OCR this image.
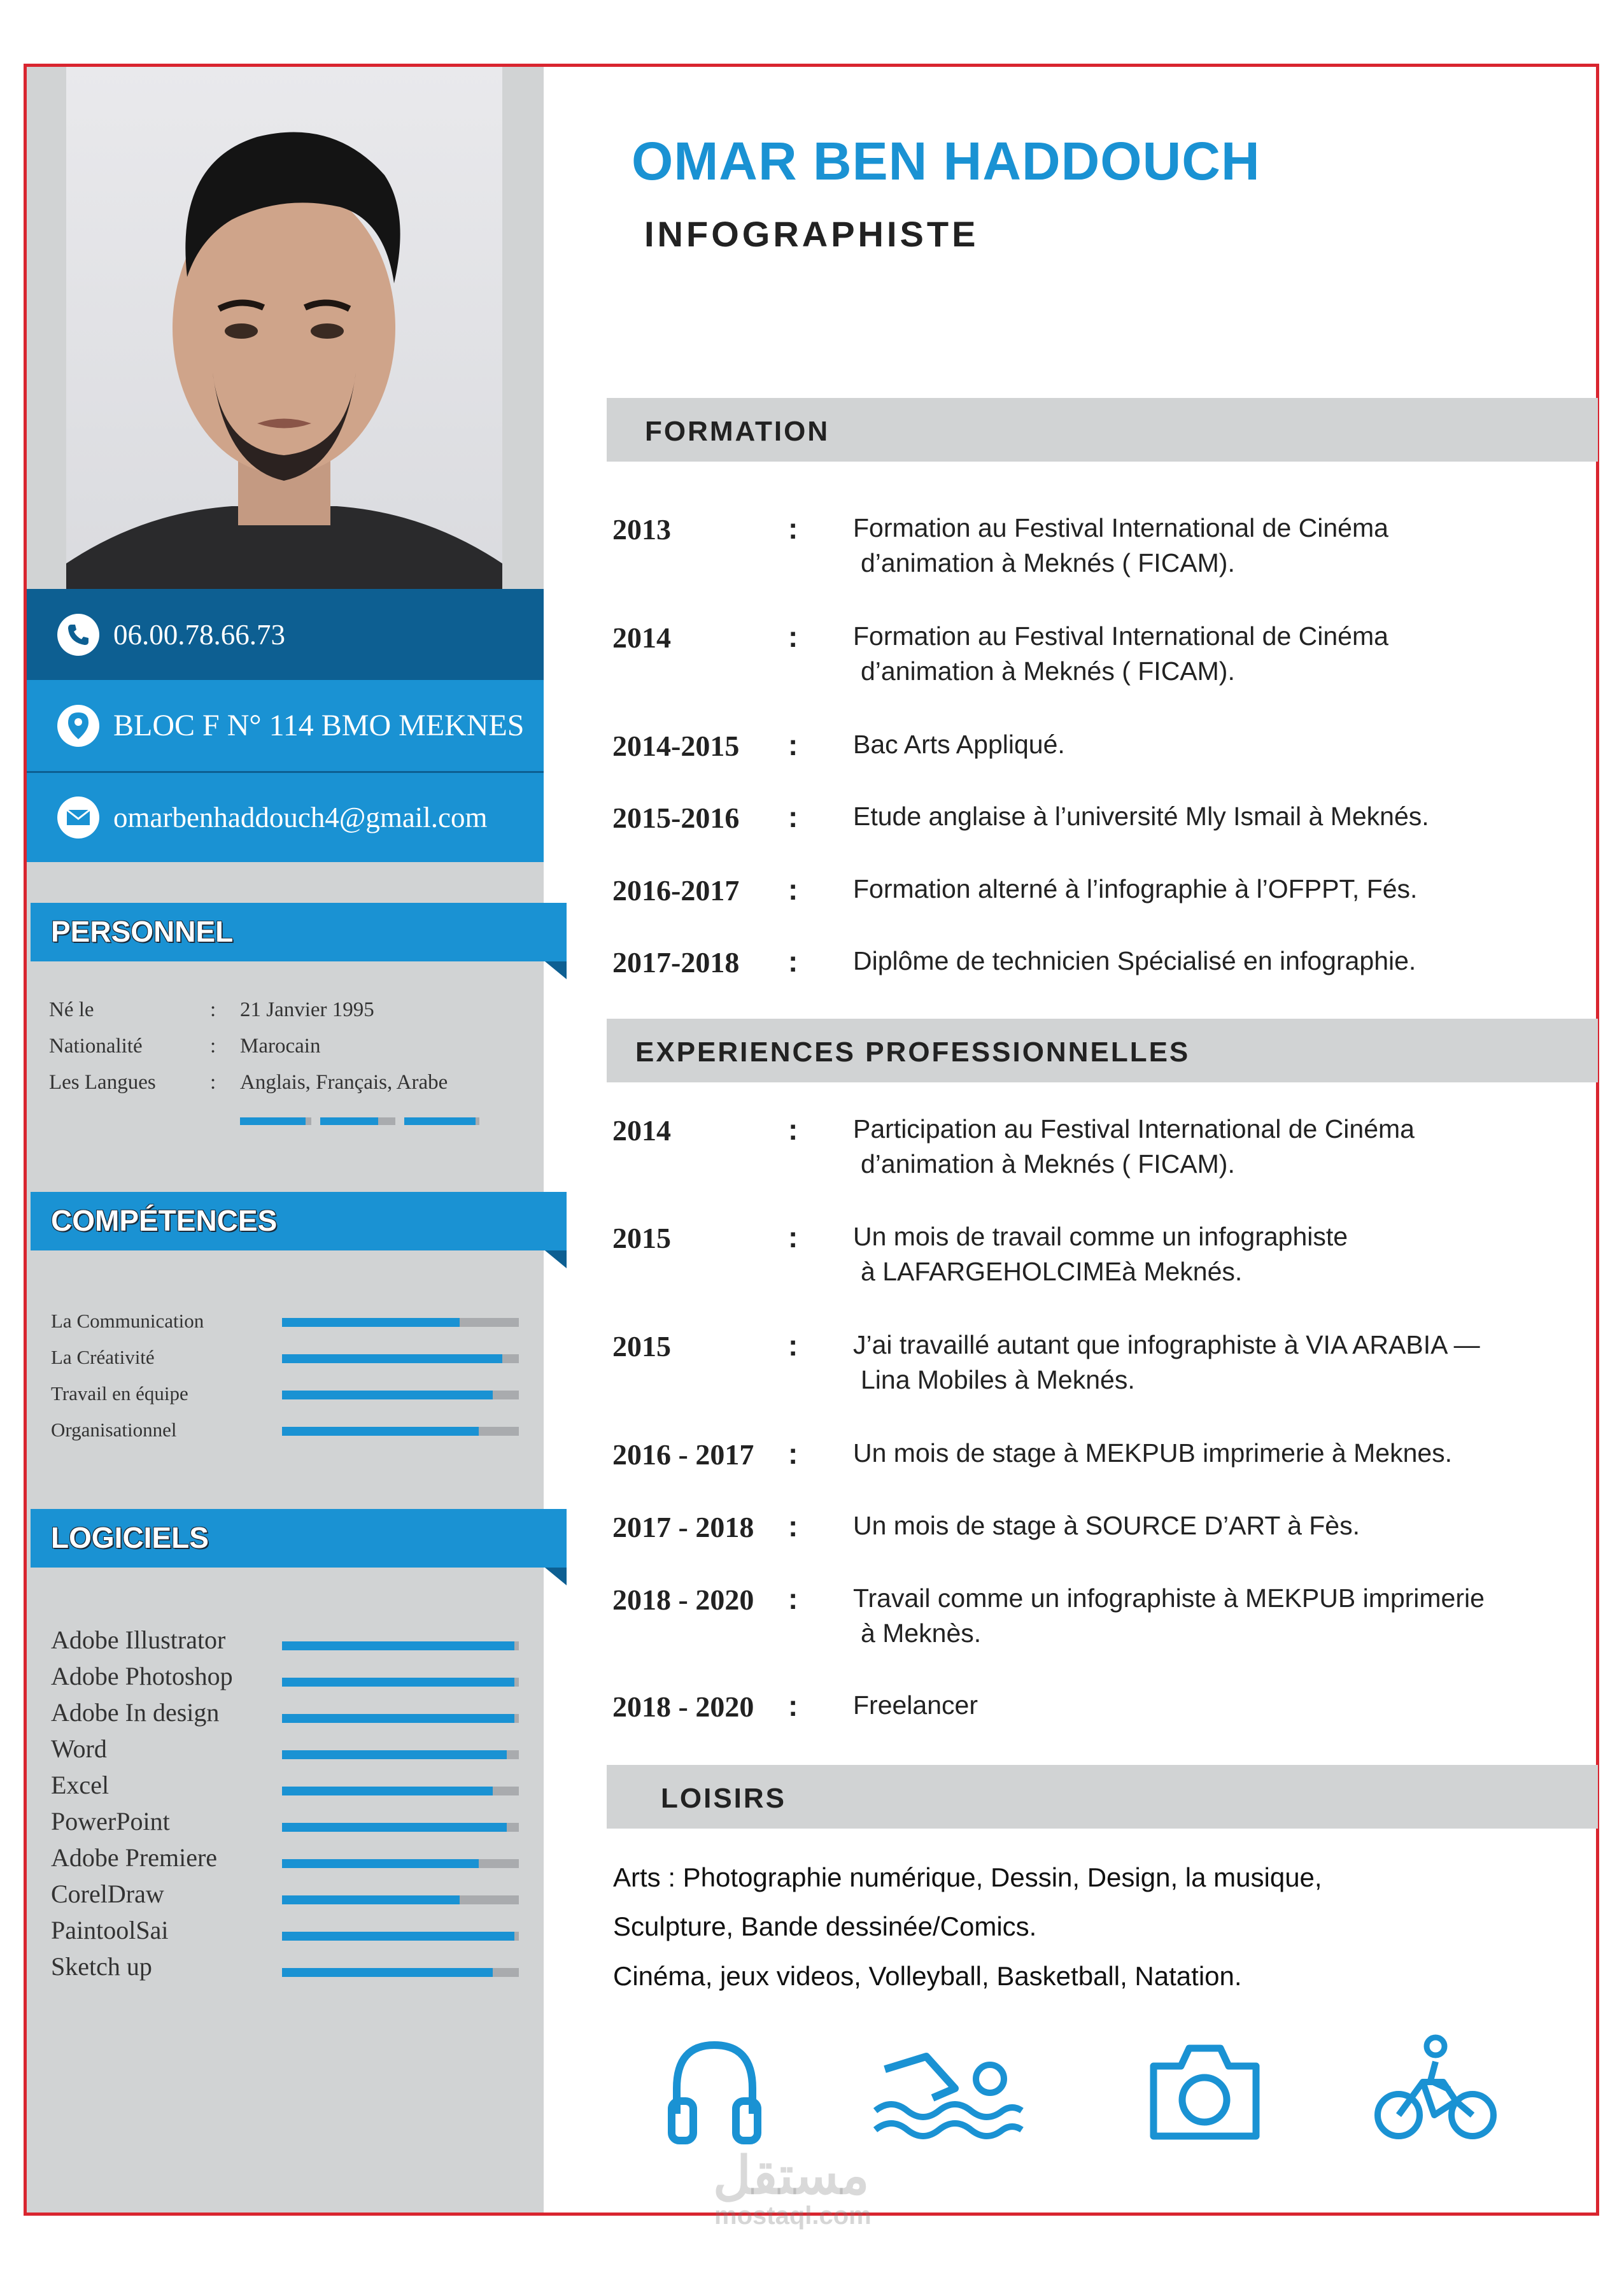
06.00.78.66.73
BLOC F N° 114 BMO MEKNES
omarbenhaddouch4@gmail.com
PERSONNEL
Né le	: 21 Janvier 1995
Nationalité	: Marocain
Les Langues	: Anglais, Français, Arabe
COMPÉTENCES
La Communication
La Créativité
Travail en équipe
Organisationnel
LOGICIELS
Adobe Illustrator
Adobe Photoshop
Adobe In design
Word
Excel
PowerPoint
Adobe Premiere
CorelDraw
PaintoolSai
Sketch up
OMAR BEN HADDOUCH
INFOGRAPHISTE
FORMATION
2013	: Formation au Festival International de Cinéma
d’animation à Meknés ( FICAM).
2014	: Formation au Festival International de Cinéma
d’animation à Meknés ( FICAM).
2014-2015 : Bac Arts Appliqué.
2015-2016 : Etude anglaise à l’université Mly Ismail à Meknés.
2016-2017 : Formation alterné à l’infographie à l’OFPPT, Fés.
2017-2018 : Diplôme de technicien Spécialisé en infographie.
EXPERIENCES PROFESSIONNELLES
2014	: Participation au Festival International de Cinéma
d’animation à Meknés ( FICAM).
2015	: Un mois de travail comme un infographiste
à LAFARGEHOLCIMEà Meknés.
2015	: J’ai travaillé autant que infographiste à VIA ARABIA —
Lina Mobiles à Meknés.
2016 - 2017 : Un mois de stage à MEKPUB imprimerie à Meknes.
2017 - 2018 : Un mois de stage à SOURCE D’ART à Fès.
2018 - 2020 : Travail comme un infographiste à MEKPUB imprimerie
à Meknès.
2018 - 2020 : Freelancer
LOISIRS
Arts : Photographie numérique, Dessin, Design, la musique,
Sculpture, Bande dessinée/Comics.
Cinéma, jeux videos, Volleyball, Basketball, Natation.
مستقل
mostaql.com
